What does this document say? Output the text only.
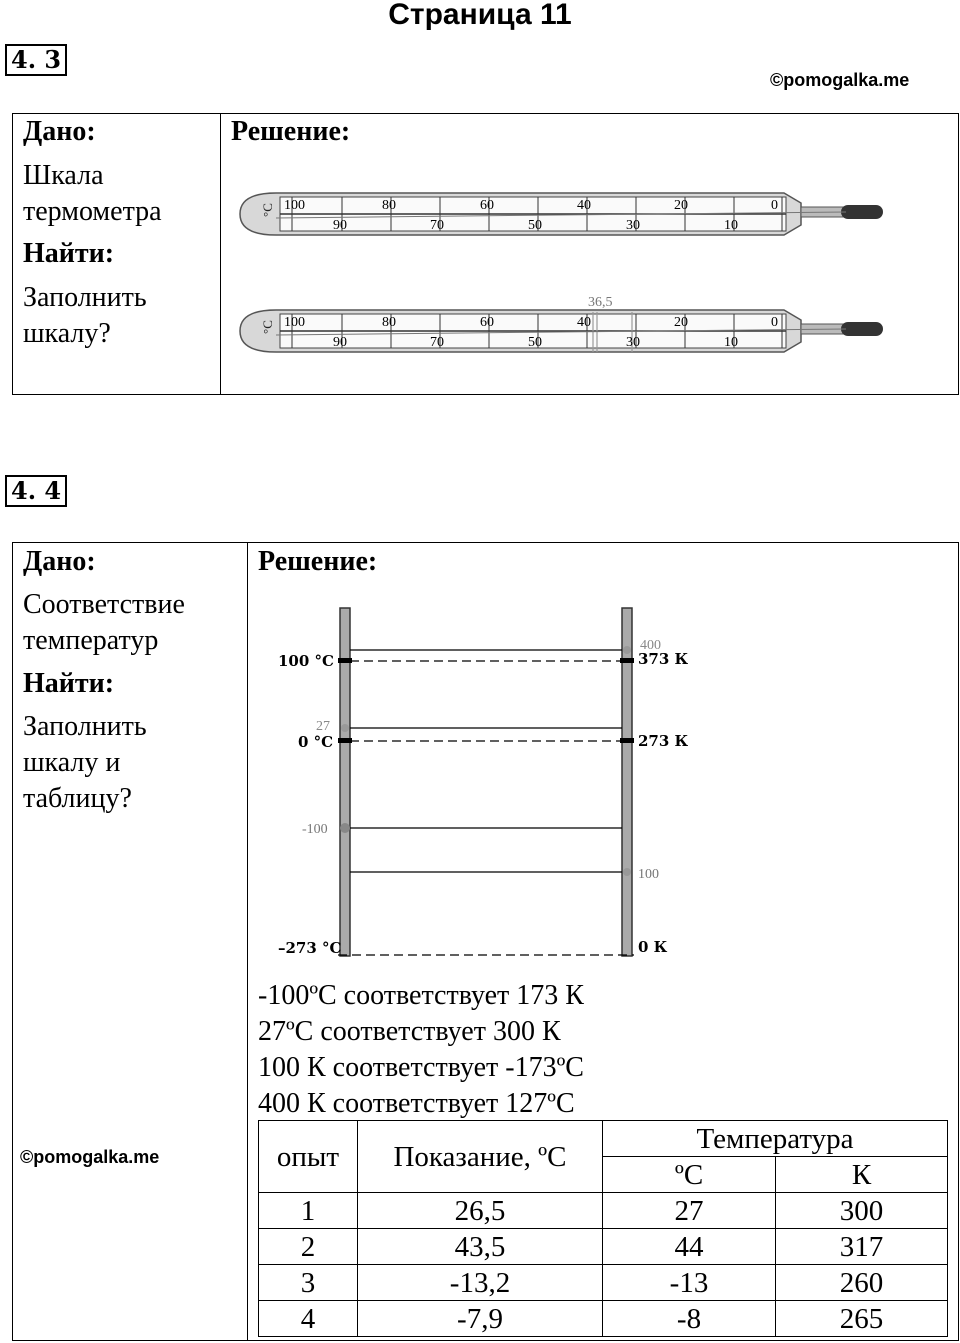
Страница 11
4. 3
©pomogalka.me
Дано:
Шкала
термометра
Найти:
Заполнить
шкалу?
Решение:
°С 100	80	60	40	20	0
90	70	50	30	10
36,5
°С 100	80	60	40	20	0
90	70	50	30	10
4. 4
Дано:
Соответствие
температур
Найти:
Заполнить
шкалу и
таблицу?
©pomogalka.me
Решение:
100 °С
27
0 °С
-100
–273 °С
400
373 К
273 К
100
0 К
-100ºС соответствует 173 К
27ºС соответствует 300 К
100 К соответствует -173ºС
400 К соответствует 127ºС
опыт	Показание, ºС	Температура	
		ºС	К
1	26,5	27	300
2	43,5	44	317
3	-13,2	-13	260
4	-7,9	-8	265
